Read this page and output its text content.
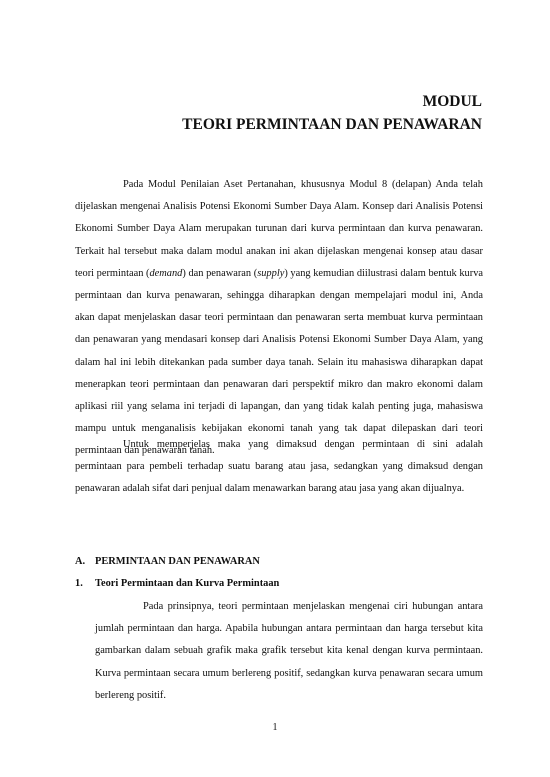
MODUL
TEORI PERMINTAAN DAN PENAWARAN

Pada Modul Penilaian Aset Pertanahan, khususnya Modul 8 (delapan) Anda telah dijelaskan mengenai Analisis Potensi Ekonomi Sumber Daya Alam. Konsep dari Analisis Potensi Ekonomi Sumber Daya Alam merupakan turunan dari kurva permintaan dan kurva penawaran. Terkait hal tersebut maka dalam modul anakan ini akan dijelaskan mengenai konsep atau dasar teori permintaan (demand) dan penawaran (supply) yang kemudian diilustrasi dalam bentuk kurva permintaan dan kurva penawaran, sehingga diharapkan dengan mempelajari modul ini, Anda akan dapat menjelaskan dasar teori permintaan dan penawaran serta membuat kurva permintaan dan penawaran yang mendasari konsep dari Analisis Potensi Ekonomi Sumber Daya Alam, yang dalam hal ini lebih ditekankan pada sumber daya tanah. Selain itu mahasiswa diharapkan dapat menerapkan teori permintaan dan penawaran dari perspektif mikro dan makro ekonomi dalam aplikasi riil yang selama ini terjadi di lapangan, dan yang tidak kalah penting juga, mahasiswa mampu untuk menganalisis kebijakan ekonomi tanah yang tak dapat dilepaskan dari teori permintaan dan penawaran tanah.

Untuk memperjelas maka yang dimaksud dengan permintaan di sini adalah permintaan para pembeli terhadap suatu barang atau jasa, sedangkan yang dimaksud dengan penawaran adalah sifat dari penjual dalam menawarkan barang atau jasa yang akan dijualnya.

A. PERMINTAAN DAN PENAWARAN
1. Teori Permintaan dan Kurva Permintaan

Pada prinsipnya, teori permintaan menjelaskan mengenai ciri hubungan antara jumlah permintaan dan harga. Apabila hubungan antara permintaan dan harga tersebut kita gambarkan dalam sebuah grafik maka grafik tersebut kita kenal dengan kurva permintaan. Kurva permintaan secara umum berlereng positif, sedangkan kurva penawaran secara umum berlereng positif.

1
